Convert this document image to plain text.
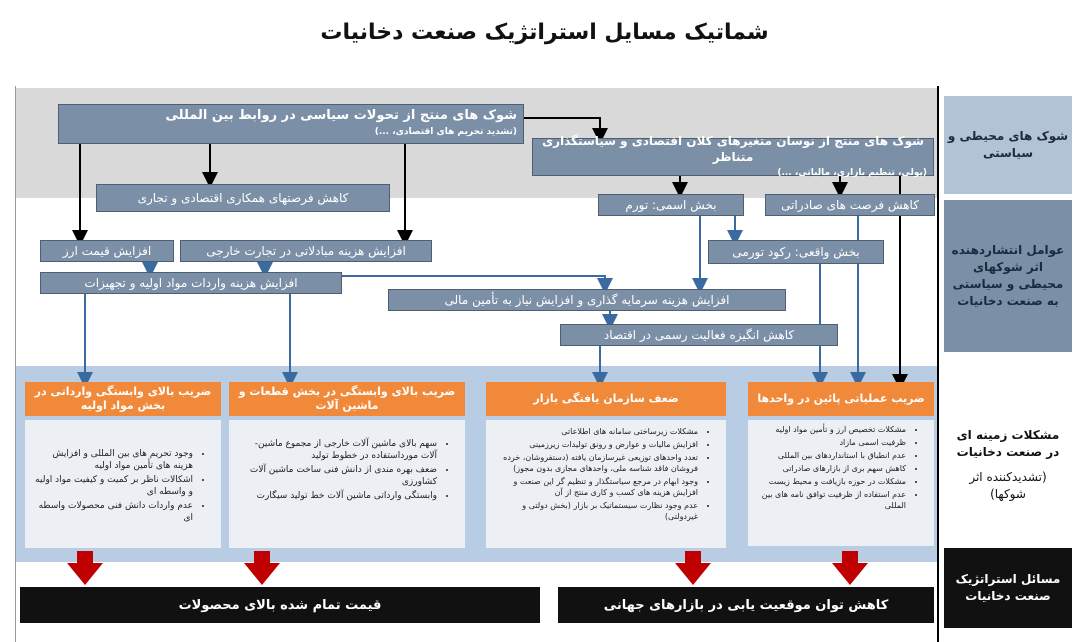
شماتیک مسایل استراتژیک صنعت دخانیات
شوک های محیطی و سیاستی
عوامل انتشاردهنده اثر شوکهای محیطی و سیاستی به صنعت دخانیات
مشکلات زمینه ای در صنعت دخانیات
(تشدیدکننده اثر شوکها)
مسائل استراتژیک صنعت دخانیات
شوک های منتج از تحولات سیاسی در روابط بین المللی
(تشدید تحریم های اقتصادی، ...)
شوک های منتج از نوسان متغیرهای کلان اقتصادی و سیاستگذاری متناظر
(پولی، تنظیم بازاری، مالیاتی، ...)
کاهش فرصتهای همکاری اقتصادی و تجاری	بخش اسمی: تورم	کاهش فرصت های صادراتی
بخش واقعی: رکود تورمی
افزایش قیمت ارز	افزایش هزینه مبادلاتی در تجارت خارجی
افزایش هزینه واردات مواد اولیه و تجهیزات
افزایش هزینه سرمایه گذاری و افزایش نیاز به تأمین مالی
کاهش انگیزه فعالیت رسمی در اقتصاد
ضریب بالای وابستگی وارداتی در بخش مواد اولیه
ضریب بالای وابستگی در بخش قطعات و ماشین آلات
ضعف سازمان یافتگی بازار	ضریب عملیاتی پائین در واحدها
• وجود تحریم های بین المللی و افزایش هزینه های تأمین مواد اولیه
• اشکالات ناظر بر کمیت و کیفیت مواد اولیه و واسطه ای
• عدم واردات دانش فنی محصولات واسطه ای
• سهم بالای ماشین آلات خارجی از مجموع ماشین-آلات مورداستفاده در خطوط تولید
• ضعف بهره مندی از دانش فنی ساخت ماشین آلات کشاورزی
• وابستگی وارداتی ماشین آلات خط تولید سیگارت
• مشکلات زیرساختی سامانه های اطلاعاتی
• افزایش مالیات و عوارض و رونق تولیدات زیرزمینی
• تعدد واحدهای توزیعی غیرسازمان یافته (دستفروشان، خرده فروشان فاقد شناسه ملی، واحدهای مجازی بدون مجوز)
• وجود ابهام در مرجع سیاستگذار و تنظیم گر این صنعت و افزایش هزینه های کسب و کاری منتج از آن
• عدم وجود نظارت سیستماتیک بر بازار (بخش دولتی و غیردولتی)
• مشکلات تخصیص ارز و تأمین مواد اولیه
• ظرفیت اسمی مازاد
• عدم انطباق با استانداردهای بین المللی
• کاهش سهم بری از بازارهای صادراتی
• مشکلات در حوزه بازیافت و محیط زیست
• عدم استفاده از ظرفیت توافق نامه های بین المللی
قیمت تمام شده بالای محصولات	کاهش توان موقعیت یابی در بازارهای جهانی
